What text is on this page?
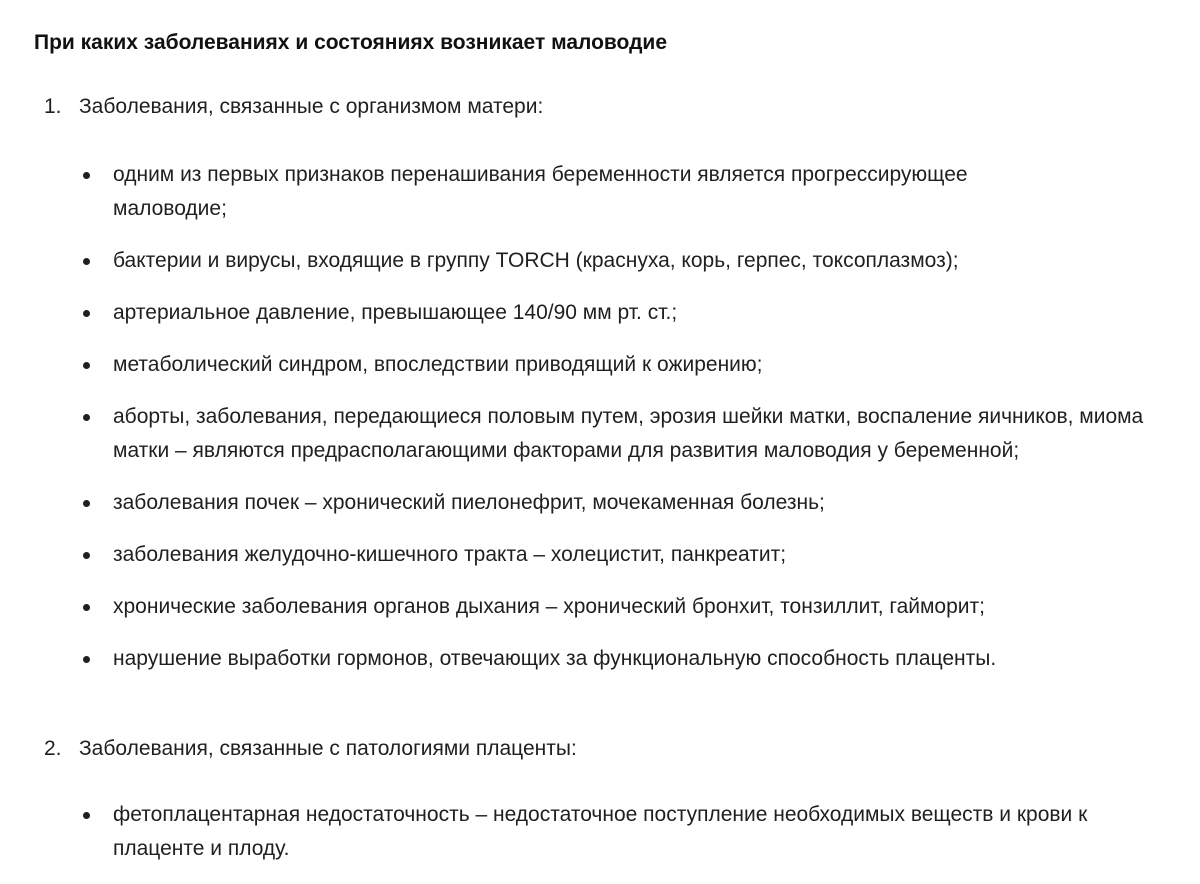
При каких заболеваниях и состояниях возникает маловодие
1. Заболевания, связанные с организмом матери:
одним из первых признаков перенашивания беременности является прогрессирующее маловодие;
бактерии и вирусы, входящие в группу TORCH (краснуха, корь, герпес, токсоплазмоз);
артериальное давление, превышающее 140/90 мм рт. ст.;
метаболический синдром, впоследствии приводящий к ожирению;
аборты, заболевания, передающиеся половым путем, эрозия шейки матки, воспаление яичников, миома матки – являются предрасполагающими факторами для развития маловодия у беременной;
заболевания почек – хронический пиелонефрит, мочекаменная болезнь;
заболевания желудочно-кишечного тракта – холецистит, панкреатит;
хронические заболевания органов дыхания – хронический бронхит, тонзиллит, гайморит;
нарушение выработки гормонов, отвечающих за функциональную способность плаценты.
2. Заболевания, связанные с патологиями плаценты:
фетоплацентарная недостаточность – недостаточное поступление необходимых веществ и крови к плаценте и плоду.
